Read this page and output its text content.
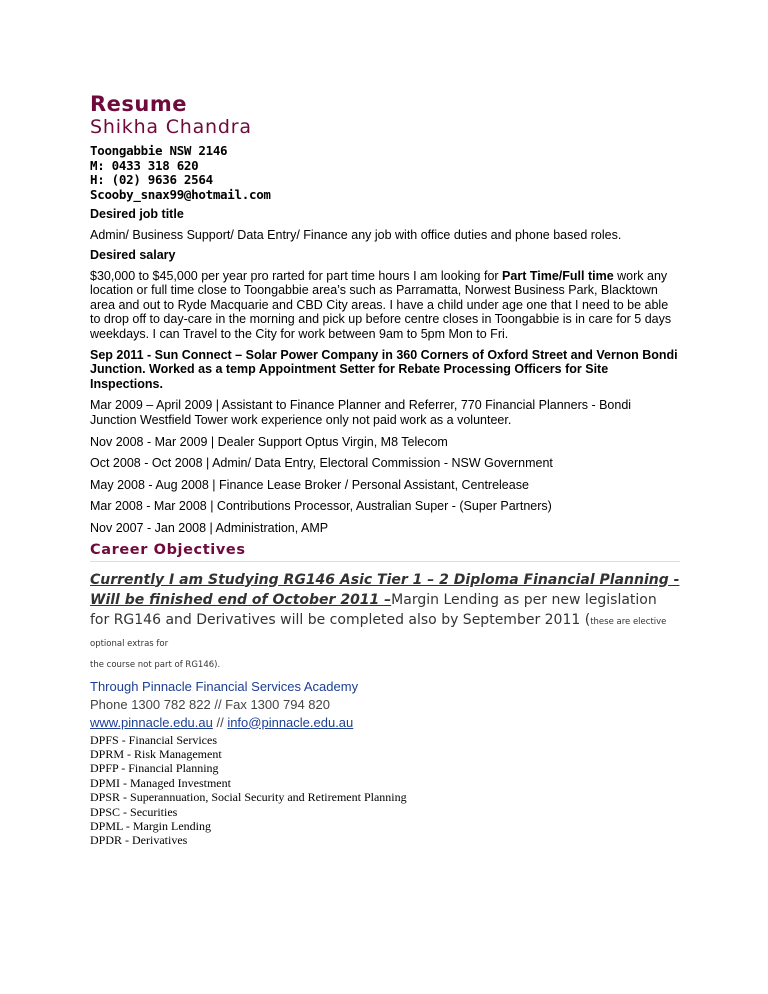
Resume
Shikha Chandra
Toongabbie NSW 2146
M: 0433 318 620
H: (02) 9636 2564
Scooby_snax99@hotmail.com
Desired job title
Admin/ Business Support/ Data Entry/ Finance any job with office duties and phone based roles.
Desired salary
$30,000 to $45,000 per year pro rarted for part time hours I am looking for Part Time/Full time work any location or full time close to Toongabbie area’s such as Parramatta, Norwest Business Park, Blacktown area and out to Ryde Macquarie and CBD City areas. I have a child under age one that I need to be able to drop off to day-care in the morning and pick up before centre closes in Toongabbie is in care for 5 days weekdays. I can Travel to the City for work between 9am to 5pm Mon to Fri.
Sep 2011 - Sun Connect – Solar Power Company in 360 Corners of Oxford Street and Vernon Bondi Junction. Worked as a temp Appointment Setter for Rebate Processing Officers for Site Inspections.
Mar 2009 – April 2009 | Assistant to Finance Planner and Referrer, 770 Financial Planners - Bondi Junction Westfield Tower work experience only not paid work as a volunteer.
Nov 2008 - Mar 2009 | Dealer Support Optus Virgin, M8 Telecom
Oct 2008 - Oct 2008 | Admin/ Data Entry, Electoral Commission - NSW Government
May 2008 - Aug 2008 | Finance Lease Broker / Personal Assistant, Centrelease
Mar 2008 - Mar 2008 | Contributions Processor, Australian Super - (Super Partners)
Nov 2007 - Jan 2008 | Administration, AMP
Career Objectives
Currently I am Studying RG146 Asic Tier 1 – 2 Diploma Financial Planning - Will be finished end of October 2011 –Margin Lending as per new legislation for RG146 and Derivatives will be completed also by September 2011 (these are elective optional extras for
the course not part of RG146).
Through Pinnacle Financial Services Academy
Phone 1300 782 822 // Fax 1300 794 820
www.pinnacle.edu.au // info@pinnacle.edu.au
DPFS - Financial Services
DPRM - Risk Management
DPFP - Financial Planning
DPMI - Managed Investment
DPSR - Superannuation, Social Security and Retirement Planning
DPSC - Securities
DPML - Margin Lending
DPDR - Derivatives
